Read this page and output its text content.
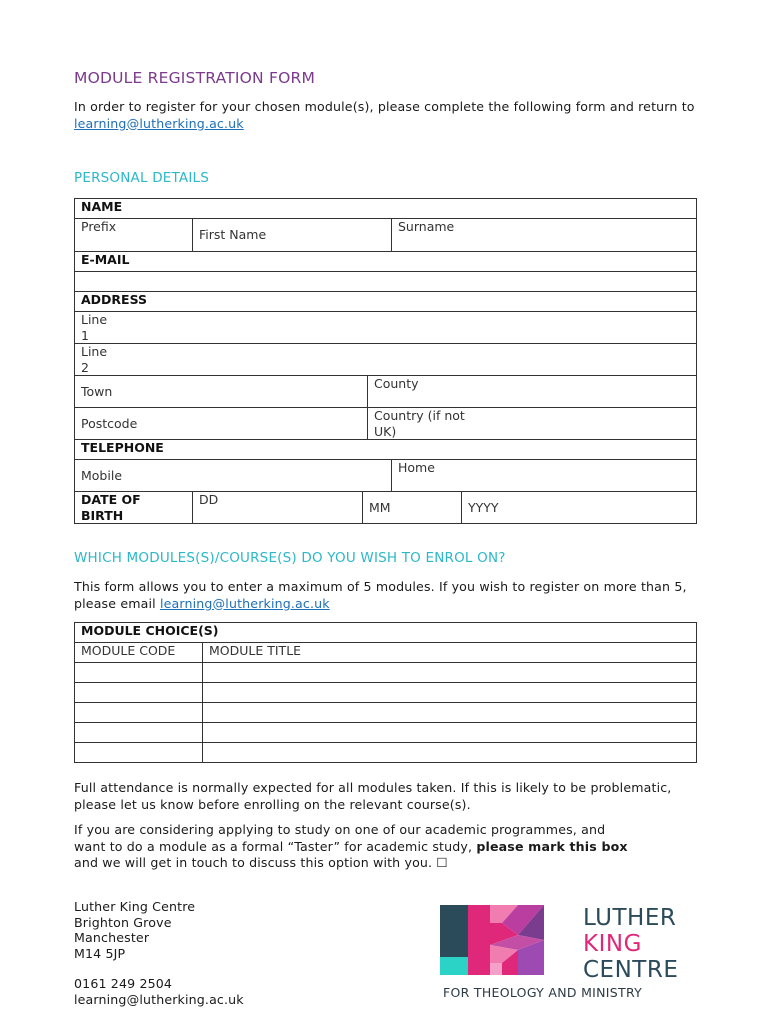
MODULE REGISTRATION FORM
In order to register for your chosen module(s), please complete the following form and return to learning@lutherking.ac.uk
PERSONAL DETAILS
NAME					

Prefix	First Name			Surname	

E-MAIL					

ADDRESS					

Line 1					

Line 2					

Town			County		

Postcode			Country (if not UK)		

TELEPHONE					
Mobile				Home	

DATE OF BIRTH	DD	MM			YYYY
WHICH MODULES(S)/COURSE(S) DO YOU WISH TO ENROL ON?
This form allows you to enter a maximum of 5 modules. If you wish to register on more than 5, please email learning@lutherking.ac.uk
MODULE CHOICE(S)	
MODULE CODE	MODULE TITLE

Full attendance is normally expected for all modules taken. If this is likely to be problematic, please let us know before enrolling on the relevant course(s).
If you are considering applying to study on one of our academic programmes, and want to do a module as a formal “Taster” for academic study, please mark this box and we will get in touch to discuss this option with you. ☐
Luther King Centre
Brighton Grove
Manchester
M14 5JP
0161 249 2504
learning@lutherking.ac.uk
LUTHER
KING
CENTRE
FOR THEOLOGY AND MINISTRY
